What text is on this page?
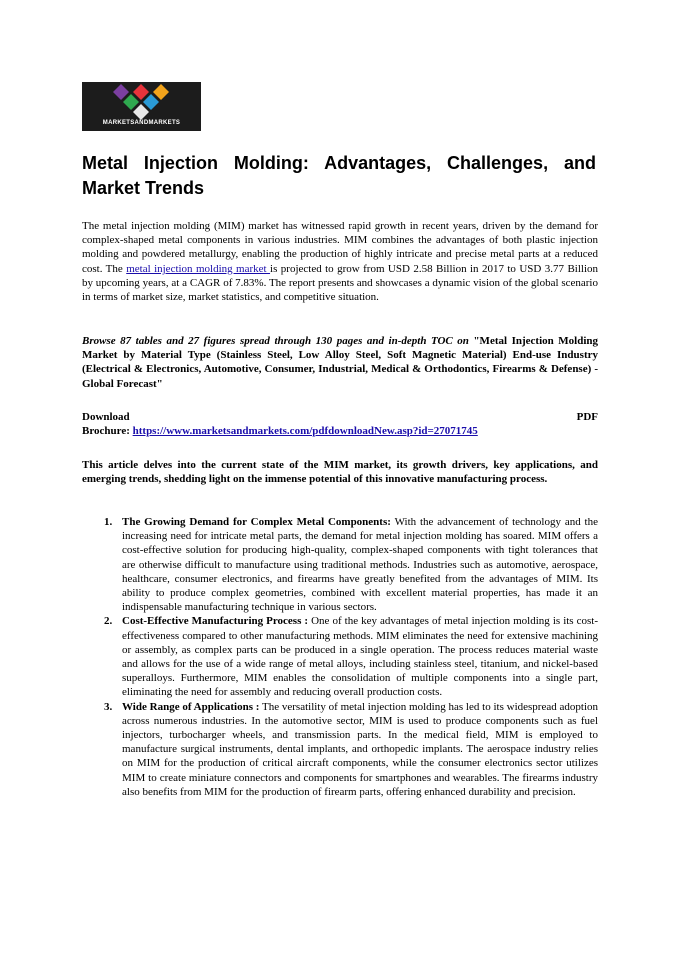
MARKETSANDMARKETS
Metal Injection Molding: Advantages, Challenges, and Market Trends

The metal injection molding (MIM) market has witnessed rapid growth in recent years, driven by the demand for complex-shaped metal components in various industries. MIM combines the advantages of both plastic injection molding and powdered metallurgy, enabling the production of highly intricate and precise metal parts at a reduced cost. The metal injection molding market is projected to grow from USD 2.58 Billion in 2017 to USD 3.77 Billion by upcoming years, at a CAGR of 7.83%. The report presents and showcases a dynamic vision of the global scenario in terms of market size, market statistics, and competitive situation.

Browse 87 tables and 27 figures spread through 130 pages and in-depth TOC on "Metal Injection Molding Market by Material Type (Stainless Steel, Low Alloy Steel, Soft Magnetic Material) End-use Industry (Electrical & Electronics, Automotive, Consumer, Industrial, Medical & Orthodontics, Firearms & Defense) - Global Forecast"

Download	PDF
Brochure: https://www.marketsandmarkets.com/pdfdownloadNew.asp?id=27071745

This article delves into the current state of the MIM market, its growth drivers, key applications, and emerging trends, shedding light on the immense potential of this innovative manufacturing process.

1. The Growing Demand for Complex Metal Components: With the advancement of technology and the increasing need for intricate metal parts, the demand for metal injection molding has soared. MIM offers a cost-effective solution for producing high-quality, complex-shaped components with tight tolerances that are otherwise difficult to manufacture using traditional methods. Industries such as automotive, aerospace, healthcare, consumer electronics, and firearms have greatly benefited from the advantages of MIM. Its ability to produce complex geometries, combined with excellent material properties, has made it an indispensable manufacturing technique in various sectors.
2. Cost-Effective Manufacturing Process : One of the key advantages of metal injection molding is its cost-effectiveness compared to other manufacturing methods. MIM eliminates the need for extensive machining or assembly, as complex parts can be produced in a single operation. The process reduces material waste and allows for the use of a wide range of metal alloys, including stainless steel, titanium, and nickel-based superalloys. Furthermore, MIM enables the consolidation of multiple components into a single part, eliminating the need for assembly and reducing overall production costs.
3. Wide Range of Applications : The versatility of metal injection molding has led to its widespread adoption across numerous industries. In the automotive sector, MIM is used to produce components such as fuel injectors, turbocharger wheels, and transmission parts. In the medical field, MIM is employed to manufacture surgical instruments, dental implants, and orthopedic implants. The aerospace industry relies on MIM for the production of critical aircraft components, while the consumer electronics sector utilizes MIM to create miniature connectors and components for smartphones and wearables. The firearms industry also benefits from MIM for the production of firearm parts, offering enhanced durability and precision.
